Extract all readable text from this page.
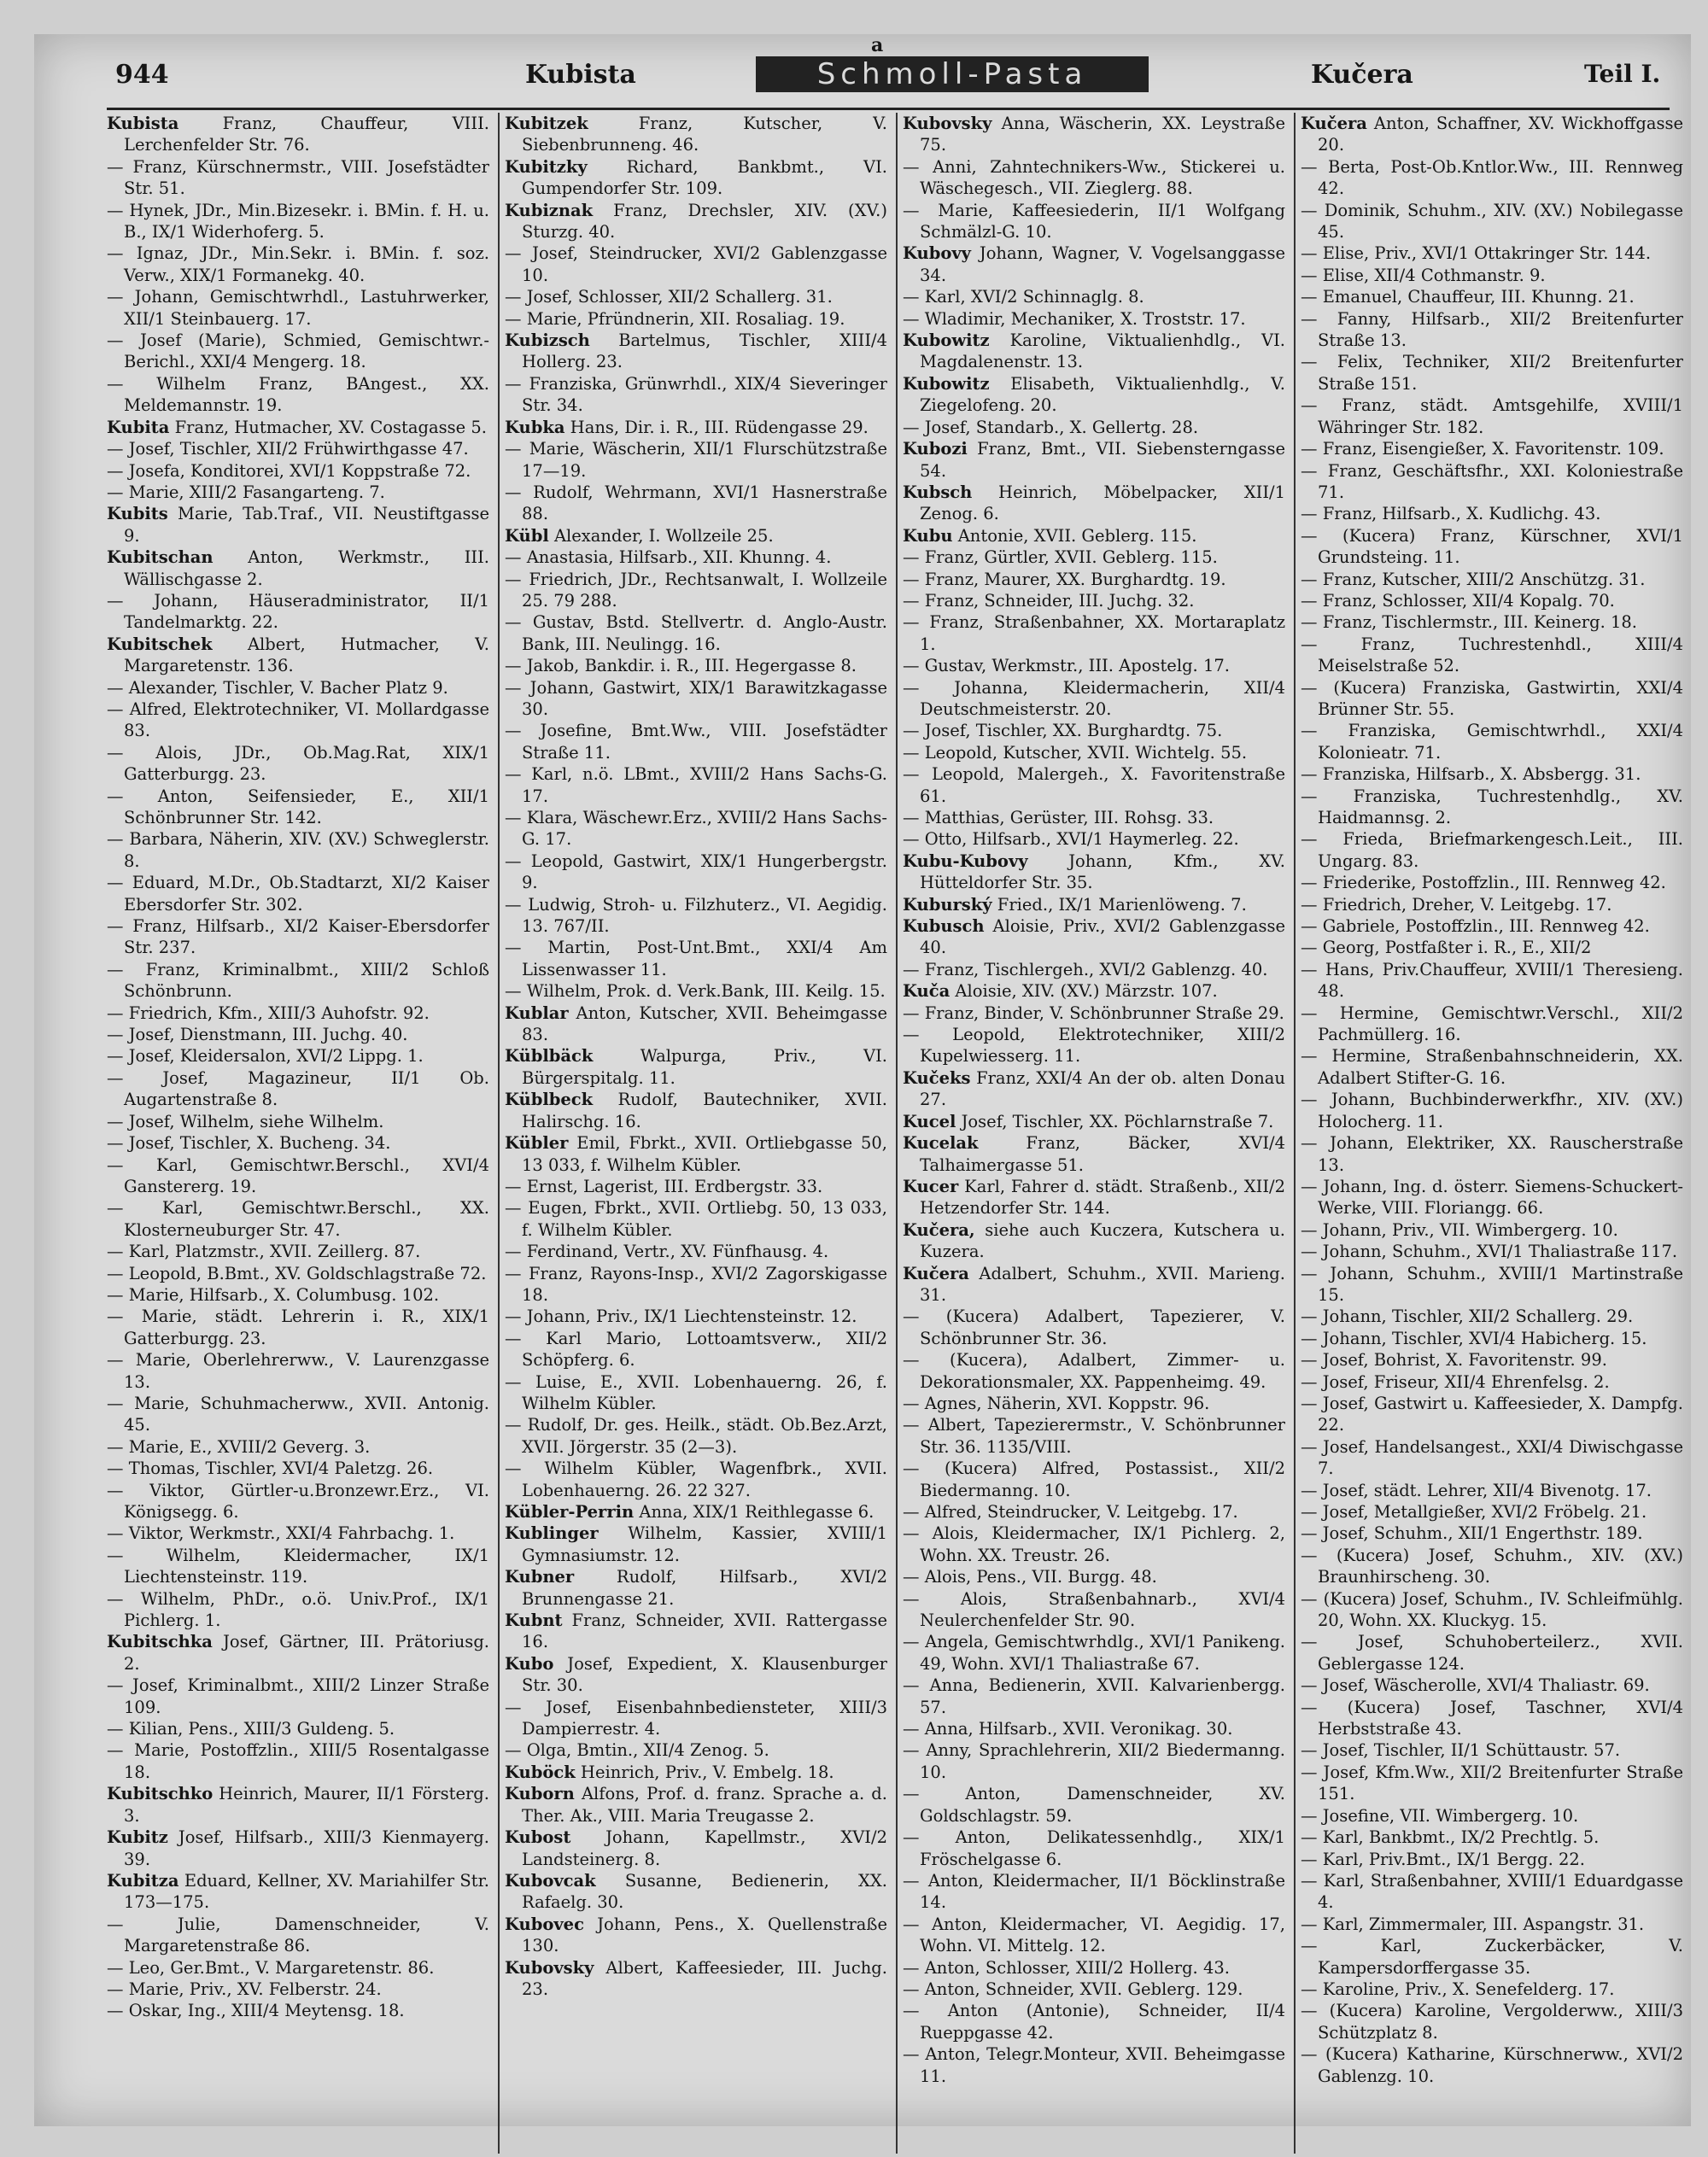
a
944	Kubista	Schmoll-Pasta	Kučera	Teil I.

Kubista Franz, Chauffeur, VIII. Lerchenfelder Str. 76.

— Franz, Kürschnermstr., VIII. Josefstädter Str. 51.

— Hynek, JDr., Min.Bizesekr. i. BMin. f. H. u. B., IX/1 Widerhoferg. 5.

— Ignaz, JDr., Min.Sekr. i. BMin. f. soz. Verw., XIX/1 Formanekg. 40.

— Johann, Gemischtwrhdl., Lastuhrwerker, XII/1 Steinbauerg. 17.

— Josef (Marie), Schmied, Gemischtwr.-Berichl., XXI/4 Mengerg. 18.

— Wilhelm Franz, BAngest., XX. Meldemannstr. 19.

Kubita Franz, Hutmacher, XV. Costagasse 5.

— Josef, Tischler, XII/2 Frühwirthgasse 47.

— Josefa, Konditorei, XVI/1 Koppstraße 72.

— Marie, XIII/2 Fasangarteng. 7.

Kubits Marie, Tab.Traf., VII. Neustiftgasse 9.

Kubitschan Anton, Werkmstr., III. Wällischgasse 2.

— Johann, Häuseradministrator, II/1 Tandelmarktg. 22.

Kubitschek Albert, Hutmacher, V. Margaretenstr. 136.

— Alexander, Tischler, V. Bacher Platz 9.

— Alfred, Elektrotechniker, VI. Mollardgasse 83.

— Alois, JDr., Ob.Mag.Rat, XIX/1 Gatterburgg. 23.

— Anton, Seifensieder, E., XII/1 Schönbrunner Str. 142.

— Barbara, Näherin, XIV. (XV.) Schweglerstr. 8.

— Eduard, M.Dr., Ob.Stadtarzt, XI/2 Kaiser Ebersdorfer Str. 302.

— Franz, Hilfsarb., XI/2 Kaiser-Ebersdorfer Str. 237.

— Franz, Kriminalbmt., XIII/2 Schloß Schönbrunn.

— Friedrich, Kfm., XIII/3 Auhofstr. 92.

— Josef, Dienstmann, III. Juchg. 40.

— Josef, Kleidersalon, XVI/2 Lippg. 1.

— Josef, Magazineur, II/1 Ob. Augartenstraße 8.

— Josef, Wilhelm, siehe Wilhelm.

— Josef, Tischler, X. Bucheng. 34.

— Karl, Gemischtwr.Berschl., XVI/4 Ganstererg. 19.

— Karl, Gemischtwr.Berschl., XX. Klosterneuburger Str. 47.

— Karl, Platzmstr., XVII. Zeillerg. 87.

— Leopold, B.Bmt., XV. Goldschlagstraße 72.

— Marie, Hilfsarb., X. Columbusg. 102.

— Marie, städt. Lehrerin i. R., XIX/1 Gatterburgg. 23.

— Marie, Oberlehrerww., V. Laurenzgasse 13.

— Marie, Schuhmacherww., XVII. Antonig. 45.

— Marie, E., XVIII/2 Geverg. 3.

— Thomas, Tischler, XVI/4 Paletzg. 26.

— Viktor, Gürtler-u.Bronzewr.Erz., VI. Königsegg. 6.

— Viktor, Werkmstr., XXI/4 Fahrbachg. 1.

— Wilhelm, Kleidermacher, IX/1 Liechtensteinstr. 119.

— Wilhelm, PhDr., o.ö. Univ.Prof., IX/1 Pichlerg. 1.

Kubitschka Josef, Gärtner, III. Prätoriusg. 2.

— Josef, Kriminalbmt., XIII/2 Linzer Straße 109.

— Kilian, Pens., XIII/3 Guldeng. 5.

— Marie, Postoffzlin., XIII/5 Rosentalgasse 18.

Kubitschko Heinrich, Maurer, II/1 Försterg. 3.

Kubitz Josef, Hilfsarb., XIII/3 Kienmayerg. 39.

Kubitza Eduard, Kellner, XV. Mariahilfer Str. 173—175.

— Julie, Damenschneider, V. Margaretenstraße 86.

— Leo, Ger.Bmt., V. Margaretenstr. 86.

— Marie, Priv., XV. Felberstr. 24.

— Oskar, Ing., XIII/4 Meytensg. 18.

Kubitzek Franz, Kutscher, V. Siebenbrunneng. 46.

Kubitzky Richard, Bankbmt., VI. Gumpendorfer Str. 109.

Kubiznak Franz, Drechsler, XIV. (XV.) Sturzg. 40.

— Josef, Steindrucker, XVI/2 Gablenzgasse 10.

— Josef, Schlosser, XII/2 Schallerg. 31.

— Marie, Pfründnerin, XII. Rosaliag. 19.

Kubizsch Bartelmus, Tischler, XIII/4 Hollerg. 23.

— Franziska, Grünwrhdl., XIX/4 Sieveringer Str. 34.

Kubka Hans, Dir. i. R., III. Rüdengasse 29.

— Marie, Wäscherin, XII/1 Flurschützstraße 17—19.

— Rudolf, Wehrmann, XVI/1 Hasnerstraße 88.

Kübl Alexander, I. Wollzeile 25.

— Anastasia, Hilfsarb., XII. Khunng. 4.

— Friedrich, JDr., Rechtsanwalt, I. Wollzeile 25. 79 288.

— Gustav, Bstd. Stellvertr. d. Anglo-Austr. Bank, III. Neulingg. 16.

— Jakob, Bankdir. i. R., III. Hegergasse 8.

— Johann, Gastwirt, XIX/1 Barawitzkagasse 30.

— Josefine, Bmt.Ww., VIII. Josefstädter Straße 11.

— Karl, n.ö. LBmt., XVIII/2 Hans Sachs-G. 17.

— Klara, Wäschewr.Erz., XVIII/2 Hans Sachs-G. 17.

— Leopold, Gastwirt, XIX/1 Hungerbergstr. 9.

— Ludwig, Stroh- u. Filzhuterz., VI. Aegidig. 13. 767/II.

— Martin, Post-Unt.Bmt., XXI/4 Am Lissenwasser 11.

— Wilhelm, Prok. d. Verk.Bank, III. Keilg. 15.

Kublar Anton, Kutscher, XVII. Beheimgasse 83.

Küblbäck Walpurga, Priv., VI. Bürgerspitalg. 11.

Küblbeck Rudolf, Bautechniker, XVII. Halirschg. 16.

Kübler Emil, Fbrkt., XVII. Ortliebgasse 50, 13 033, f. Wilhelm Kübler.

— Ernst, Lagerist, III. Erdbergstr. 33.

— Eugen, Fbrkt., XVII. Ortliebg. 50, 13 033, f. Wilhelm Kübler.

— Ferdinand, Vertr., XV. Fünfhausg. 4.

— Franz, Rayons-Insp., XVI/2 Zagorskigasse 18.

— Johann, Priv., IX/1 Liechtensteinstr. 12.

— Karl Mario, Lottoamtsverw., XII/2 Schöpferg. 6.

— Luise, E., XVII. Lobenhauerng. 26, f. Wilhelm Kübler.

— Rudolf, Dr. ges. Heilk., städt. Ob.Bez.Arzt, XVII. Jörgerstr. 35 (2—3).

— Wilhelm Kübler, Wagenfbrk., XVII. Lobenhauerng. 26. 22 327.

Kübler-Perrin Anna, XIX/1 Reithlegasse 6.

Kublinger Wilhelm, Kassier, XVIII/1 Gymnasiumstr. 12.

Kubner Rudolf, Hilfsarb., XVI/2 Brunnengasse 21.

Kubnt Franz, Schneider, XVII. Rattergasse 16.

Kubo Josef, Expedient, X. Klausenburger Str. 30.

— Josef, Eisenbahnbediensteter, XIII/3 Dampierrestr. 4.

— Olga, Bmtin., XII/4 Zenog. 5.

Kuböck Heinrich, Priv., V. Embelg. 18.

Kuborn Alfons, Prof. d. franz. Sprache a. d. Ther. Ak., VIII. Maria Treugasse 2.

Kubost Johann, Kapellmstr., XVI/2 Landsteinerg. 8.

Kubovcak Susanne, Bedienerin, XX. Rafaelg. 30.

Kubovec Johann, Pens., X. Quellenstraße 130.

Kubovsky Albert, Kaffeesieder, III. Juchg. 23.

Kubovsky Anna, Wäscherin, XX. Leystraße 75.

— Anni, Zahntechnikers-Ww., Stickerei u. Wäschegesch., VII. Zieglerg. 88.

— Marie, Kaffeesiederin, II/1 Wolfgang Schmälzl-G. 10.

Kubovy Johann, Wagner, V. Vogelsanggasse 34.

— Karl, XVI/2 Schinnaglg. 8.

— Wladimir, Mechaniker, X. Troststr. 17.

Kubowitz Karoline, Viktualienhdlg., VI. Magdalenenstr. 13.

Kubowitz Elisabeth, Viktualienhdlg., V. Ziegelofeng. 20.

— Josef, Standarb., X. Gellertg. 28.

Kubozi Franz, Bmt., VII. Siebensterngasse 54.

Kubsch Heinrich, Möbelpacker, XII/1 Zenog. 6.

Kubu Antonie, XVII. Geblerg. 115.

— Franz, Gürtler, XVII. Geblerg. 115.

— Franz, Maurer, XX. Burghardtg. 19.

— Franz, Schneider, III. Juchg. 32.

— Franz, Straßenbahner, XX. Mortaraplatz 1.

— Gustav, Werkmstr., III. Apostelg. 17.

— Johanna, Kleidermacherin, XII/4 Deutschmeisterstr. 20.

— Josef, Tischler, XX. Burghardtg. 75.

— Leopold, Kutscher, XVII. Wichtelg. 55.

— Leopold, Malergeh., X. Favoritenstraße 61.

— Matthias, Gerüster, III. Rohsg. 33.

— Otto, Hilfsarb., XVI/1 Haymerleg. 22.

Kubu-Kubovy Johann, Kfm., XV. Hütteldorfer Str. 35.

Kuburský Fried., IX/1 Marienlöweng. 7.

Kubusch Aloisie, Priv., XVI/2 Gablenzgasse 40.

— Franz, Tischlergeh., XVI/2 Gablenzg. 40.

Kuča Aloisie, XIV. (XV.) Märzstr. 107.

— Franz, Binder, V. Schönbrunner Straße 29.

— Leopold, Elektrotechniker, XIII/2 Kupelwiesserg. 11.

Kučeks Franz, XXI/4 An der ob. alten Donau 27.

Kucel Josef, Tischler, XX. Pöchlarnstraße 7.

Kucelak Franz, Bäcker, XVI/4 Talhaimergasse 51.

Kucer Karl, Fahrer d. städt. Straßenb., XII/2 Hetzendorfer Str. 144.

Kučera, siehe auch Kuczera, Kutschera u. Kuzera.

Kučera Adalbert, Schuhm., XVII. Marieng. 31.

— (Kucera) Adalbert, Tapezierer, V. Schönbrunner Str. 36.

— (Kucera), Adalbert, Zimmer- u. Dekorationsmaler, XX. Pappenheimg. 49.

— Agnes, Näherin, XVI. Koppstr. 96.

— Albert, Tapezierermstr., V. Schönbrunner Str. 36. 1135/VIII.

— (Kucera) Alfred, Postassist., XII/2 Biedermanng. 10.

— Alfred, Steindrucker, V. Leitgebg. 17.

— Alois, Kleidermacher, IX/1 Pichlerg. 2, Wohn. XX. Treustr. 26.

— Alois, Pens., VII. Burgg. 48.

— Alois, Straßenbahnarb., XVI/4 Neulerchenfelder Str. 90.

— Angela, Gemischtwrhdlg., XVI/1 Panikeng. 49, Wohn. XVI/1 Thaliastraße 67.

— Anna, Bedienerin, XVII. Kalvarienbergg. 57.

— Anna, Hilfsarb., XVII. Veronikag. 30.

— Anny, Sprachlehrerin, XII/2 Biedermanng. 10.

— Anton, Damenschneider, XV. Goldschlagstr. 59.

— Anton, Delikatessenhdlg., XIX/1 Fröschelgasse 6.

— Anton, Kleidermacher, II/1 Böcklinstraße 14.

— Anton, Kleidermacher, VI. Aegidig. 17, Wohn. VI. Mittelg. 12.

— Anton, Schlosser, XIII/2 Hollerg. 43.

— Anton, Schneider, XVII. Geblerg. 129.

— Anton (Antonie), Schneider, II/4 Rueppgasse 42.

— Anton, Telegr.Monteur, XVII. Beheimgasse 11.

Kučera Anton, Schaffner, XV. Wickhoffgasse 20.

— Berta, Post-Ob.Kntlor.Ww., III. Rennweg 42.

— Dominik, Schuhm., XIV. (XV.) Nobilegasse 45.

— Elise, Priv., XVI/1 Ottakringer Str. 144.

— Elise, XII/4 Cothmanstr. 9.

— Emanuel, Chauffeur, III. Khunng. 21.

— Fanny, Hilfsarb., XII/2 Breitenfurter Straße 13.

— Felix, Techniker, XII/2 Breitenfurter Straße 151.

— Franz, städt. Amtsgehilfe, XVIII/1 Währinger Str. 182.

— Franz, Eisengießer, X. Favoritenstr. 109.

— Franz, Geschäftsfhr., XXI. Koloniestraße 71.

— Franz, Hilfsarb., X. Kudlichg. 43.

— (Kucera) Franz, Kürschner, XVI/1 Grundsteing. 11.

— Franz, Kutscher, XIII/2 Anschützg. 31.

— Franz, Schlosser, XII/4 Kopalg. 70.

— Franz, Tischlermstr., III. Keinerg. 18.

— Franz, Tuchrestenhdl., XIII/4 Meiselstraße 52.

— (Kucera) Franziska, Gastwirtin, XXI/4 Brünner Str. 55.

— Franziska, Gemischtwrhdl., XXI/4 Kolonieatr. 71.

— Franziska, Hilfsarb., X. Absbergg. 31.

— Franziska, Tuchrestenhdlg., XV. Haidmannsg. 2.

— Frieda, Briefmarkengesch.Leit., III. Ungarg. 83.

— Friederike, Postoffzlin., III. Rennweg 42.

— Friedrich, Dreher, V. Leitgebg. 17.

— Gabriele, Postoffzlin., III. Rennweg 42.

— Georg, Postfaßter i. R., E., XII/2

— Hans, Priv.Chauffeur, XVIII/1 Theresieng. 48.

— Hermine, Gemischtwr.Verschl., XII/2 Pachmüllerg. 16.

— Hermine, Straßenbahnschneiderin, XX. Adalbert Stifter-G. 16.

— Johann, Buchbinderwerkfhr., XIV. (XV.) Holocherg. 11.

— Johann, Elektriker, XX. Rauscherstraße 13.

— Johann, Ing. d. österr. Siemens-Schuckert-Werke, VIII. Floriangg. 66.

— Johann, Priv., VII. Wimbergerg. 10.

— Johann, Schuhm., XVI/1 Thaliastraße 117.

— Johann, Schuhm., XVIII/1 Martinstraße 15.

— Johann, Tischler, XII/2 Schallerg. 29.

— Johann, Tischler, XVI/4 Habicherg. 15.

— Josef, Bohrist, X. Favoritenstr. 99.

— Josef, Friseur, XII/4 Ehrenfelsg. 2.

— Josef, Gastwirt u. Kaffeesieder, X. Dampfg. 22.

— Josef, Handelsangest., XXI/4 Diwischgasse 7.

— Josef, städt. Lehrer, XII/4 Bivenotg. 17.

— Josef, Metallgießer, XVI/2 Fröbelg. 21.

— Josef, Schuhm., XII/1 Engerthstr. 189.

— (Kucera) Josef, Schuhm., XIV. (XV.) Braunhirscheng. 30.

— (Kucera) Josef, Schuhm., IV. Schleifmühlg. 20, Wohn. XX. Kluckyg. 15.

— Josef, Schuhoberteilerz., XVII. Geblergasse 124.

— Josef, Wäscherolle, XVI/4 Thaliastr. 69.

— (Kucera) Josef, Taschner, XVI/4 Herbststraße 43.

— Josef, Tischler, II/1 Schüttaustr. 57.

— Josef, Kfm.Ww., XII/2 Breitenfurter Straße 151.

— Josefine, VII. Wimbergerg. 10.

— Karl, Bankbmt., IX/2 Prechtlg. 5.

— Karl, Priv.Bmt., IX/1 Bergg. 22.

— Karl, Straßenbahner, XVIII/1 Eduardgasse 4.

— Karl, Zimmermaler, III. Aspangstr. 31.

— Karl, Zuckerbäcker, V. Kampersdorffergasse 35.

— Karoline, Priv., X. Senefelderg. 17.

— (Kucera) Karoline, Vergolderww., XIII/3 Schützplatz 8.

— (Kucera) Katharine, Kürschnerww., XVI/2 Gablenzg. 10.
